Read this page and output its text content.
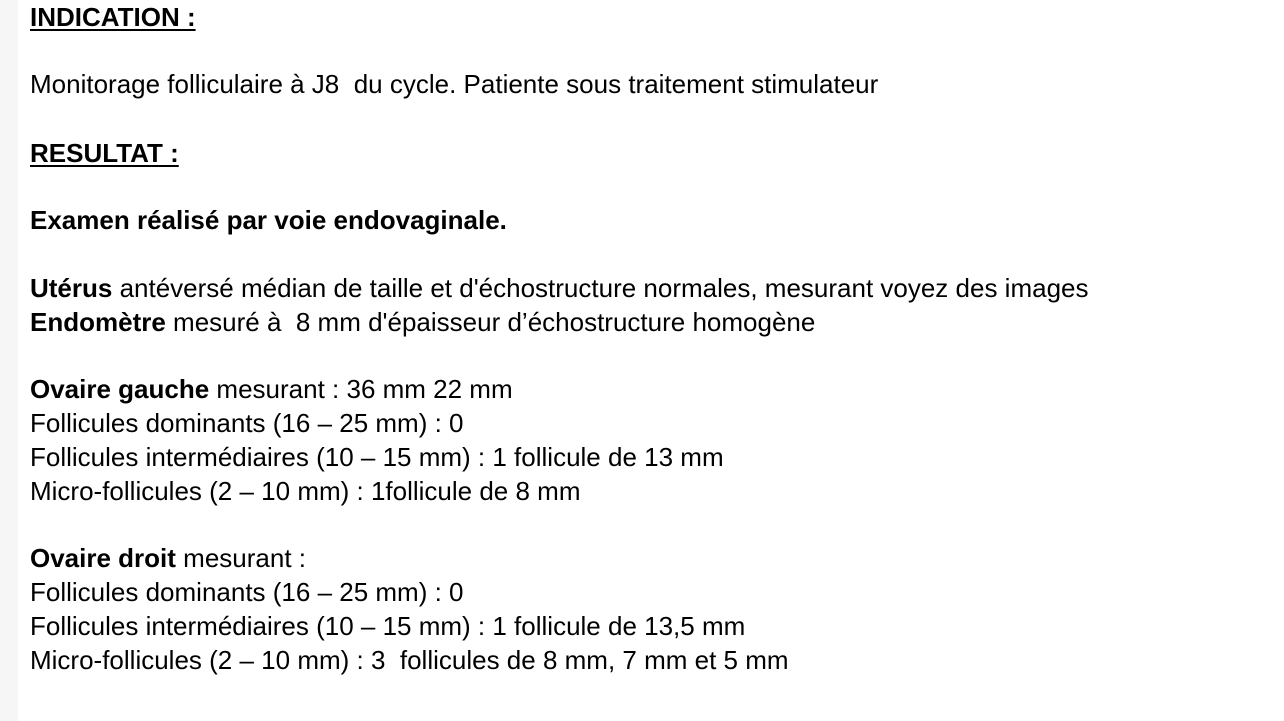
INDICATION :
Monitorage folliculaire à J8  du cycle. Patiente sous traitement stimulateur
RESULTAT :
Examen réalisé par voie endovaginale.
Utérus antéversé médian de taille et d'échostructure normales, mesurant voyez des images
Endomètre mesuré à  8 mm d'épaisseur d’échostructure homogène
Ovaire gauche mesurant : 36 mm 22 mm
Follicules dominants (16 – 25 mm) : 0
Follicules intermédiaires (10 – 15 mm) : 1 follicule de 13 mm
Micro-follicules (2 – 10 mm) : 1follicule de 8 mm
Ovaire droit mesurant :
Follicules dominants (16 – 25 mm) : 0
Follicules intermédiaires (10 – 15 mm) : 1 follicule de 13,5 mm
Micro-follicules (2 – 10 mm) : 3  follicules de 8 mm, 7 mm et 5 mm
